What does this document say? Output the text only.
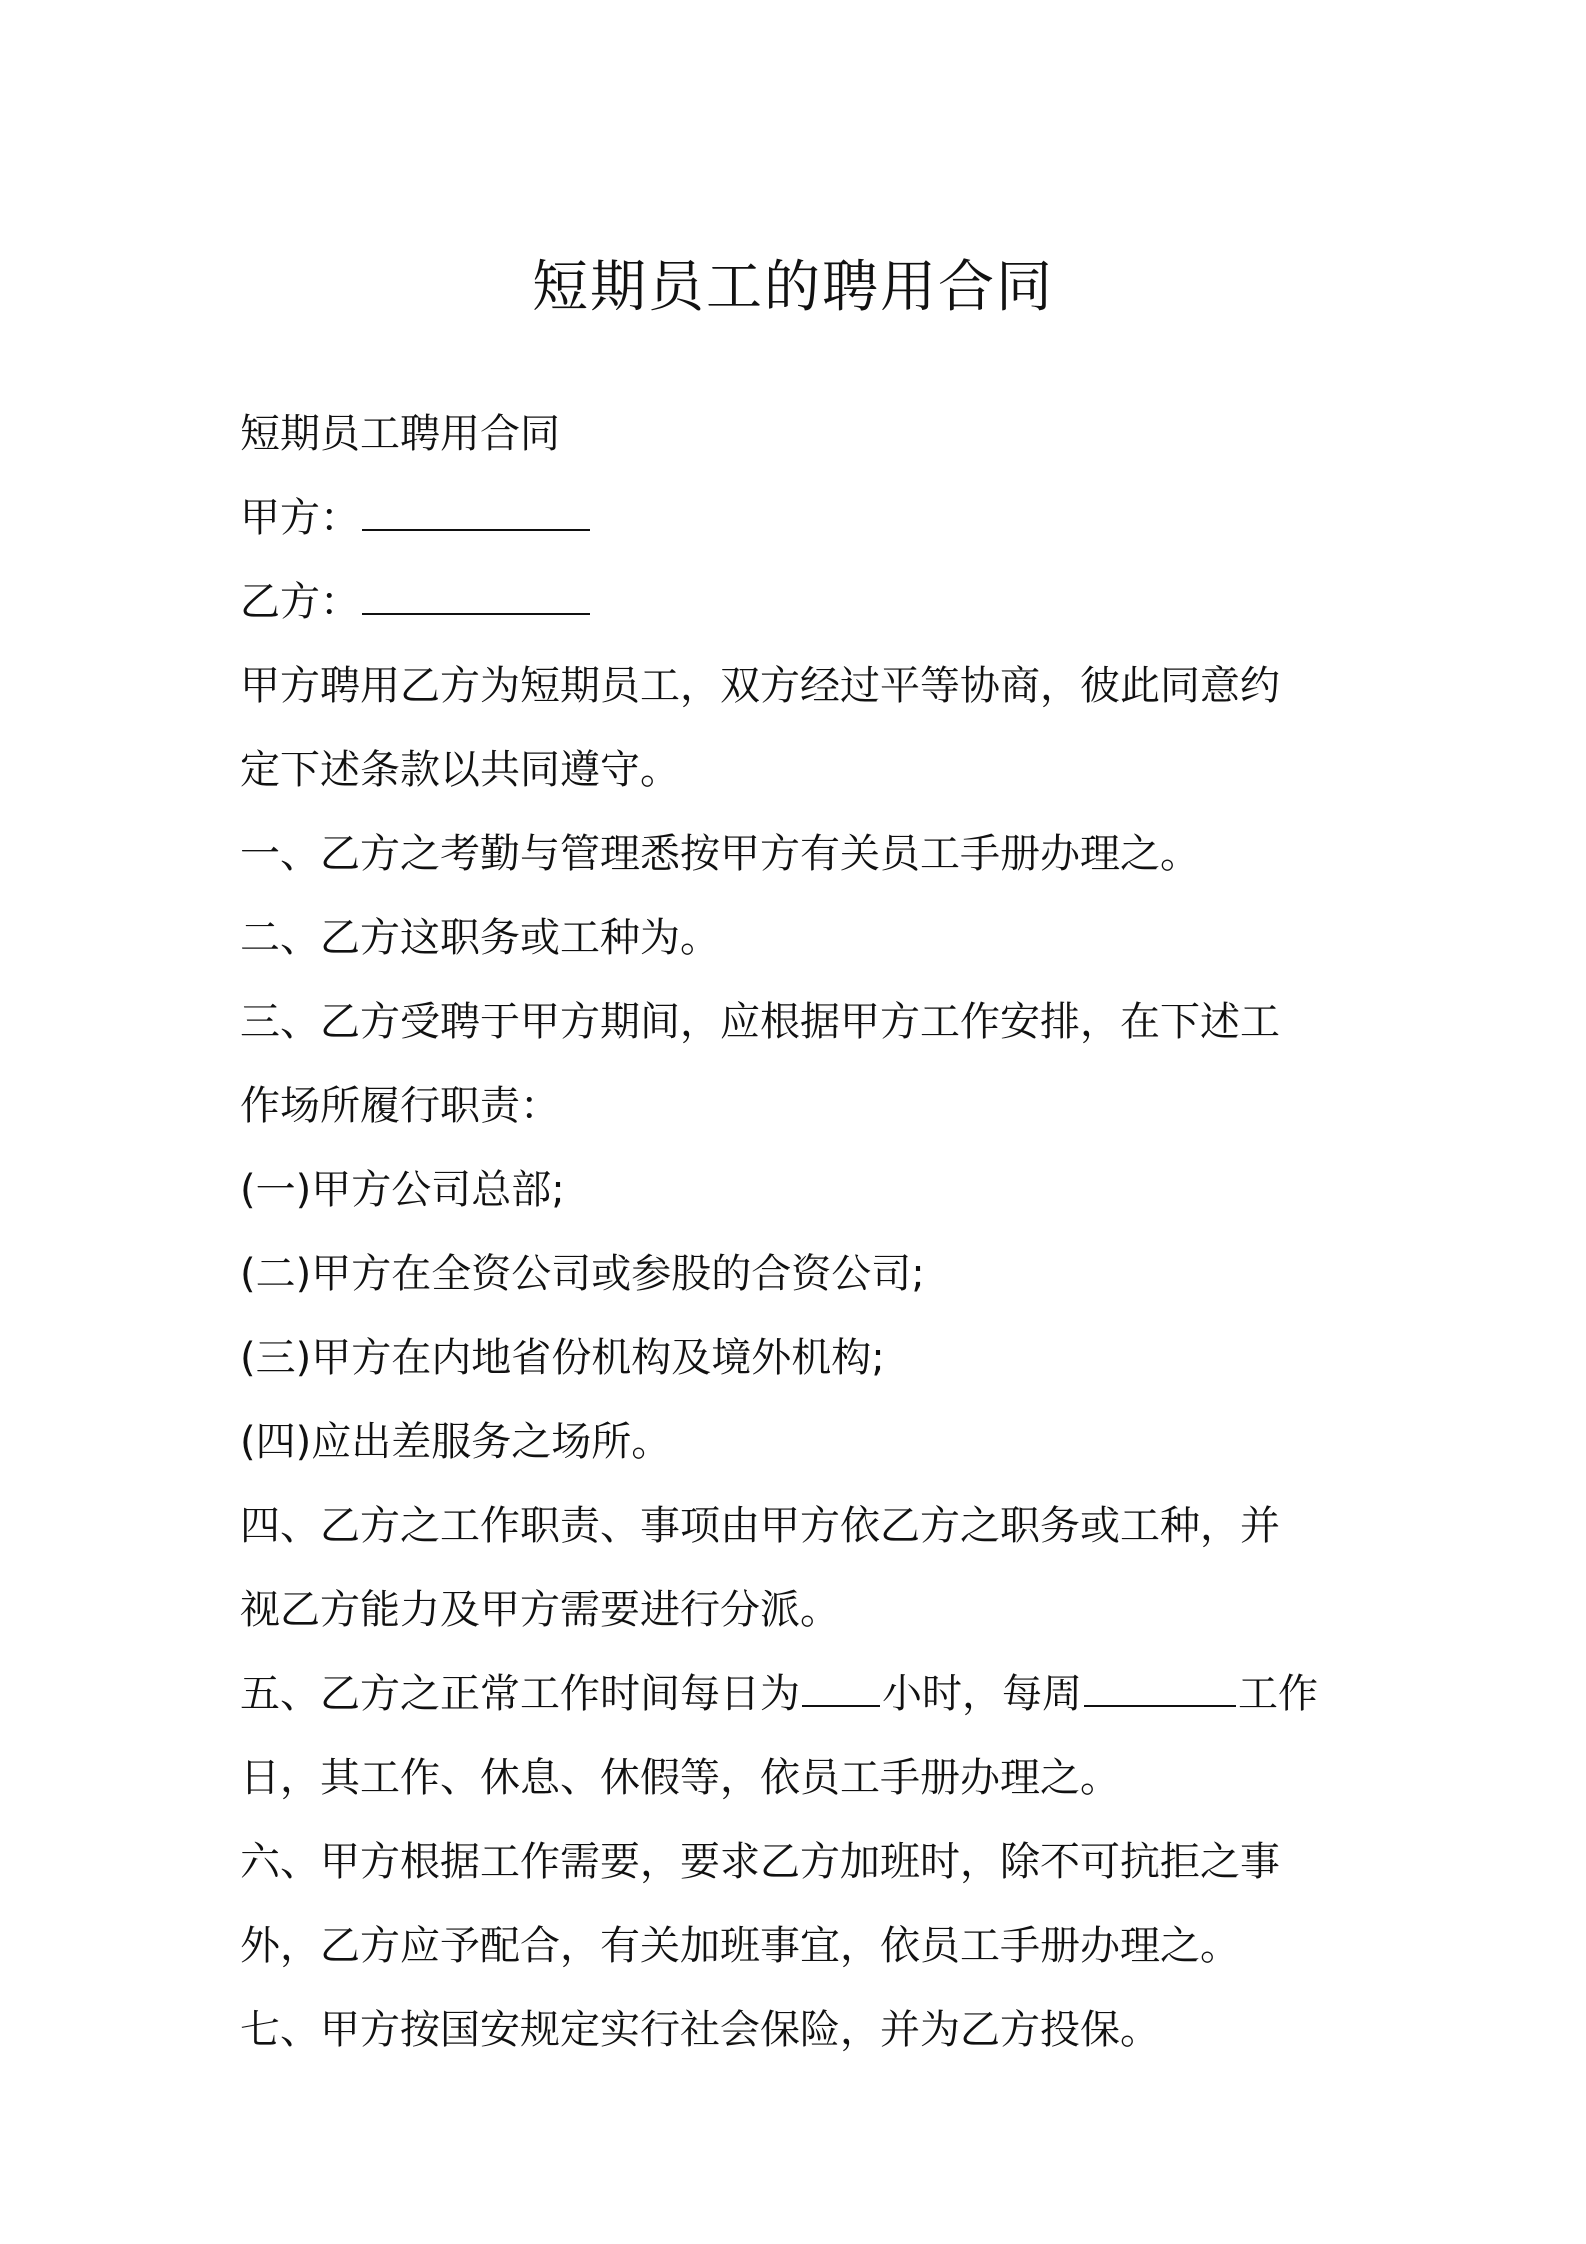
短期员工的聘用合同
短期员工聘用合同
甲方：
乙方：
甲方聘用乙方为短期员工，双方经过平等协商，彼此同意约
定下述条款以共同遵守。
一、乙方之考勤与管理悉按甲方有关员工手册办理之。
二、乙方这职务或工种为。
三、乙方受聘于甲方期间，应根据甲方工作安排，在下述工
作场所履行职责：
(一)甲方公司总部;
(二)甲方在全资公司或参股的合资公司;
(三)甲方在内地省份机构及境外机构;
(四)应出差服务之场所。
四、乙方之工作职责、事项由甲方依乙方之职务或工种，并
视乙方能力及甲方需要进行分派。
五、乙方之正常工作时间每日为 小时，每周	工作
日，其工作、休息、休假等，依员工手册办理之。
六、甲方根据工作需要，要求乙方加班时，除不可抗拒之事
外，乙方应予配合，有关加班事宜，依员工手册办理之。
七、甲方按国安规定实行社会保险，并为乙方投保。
